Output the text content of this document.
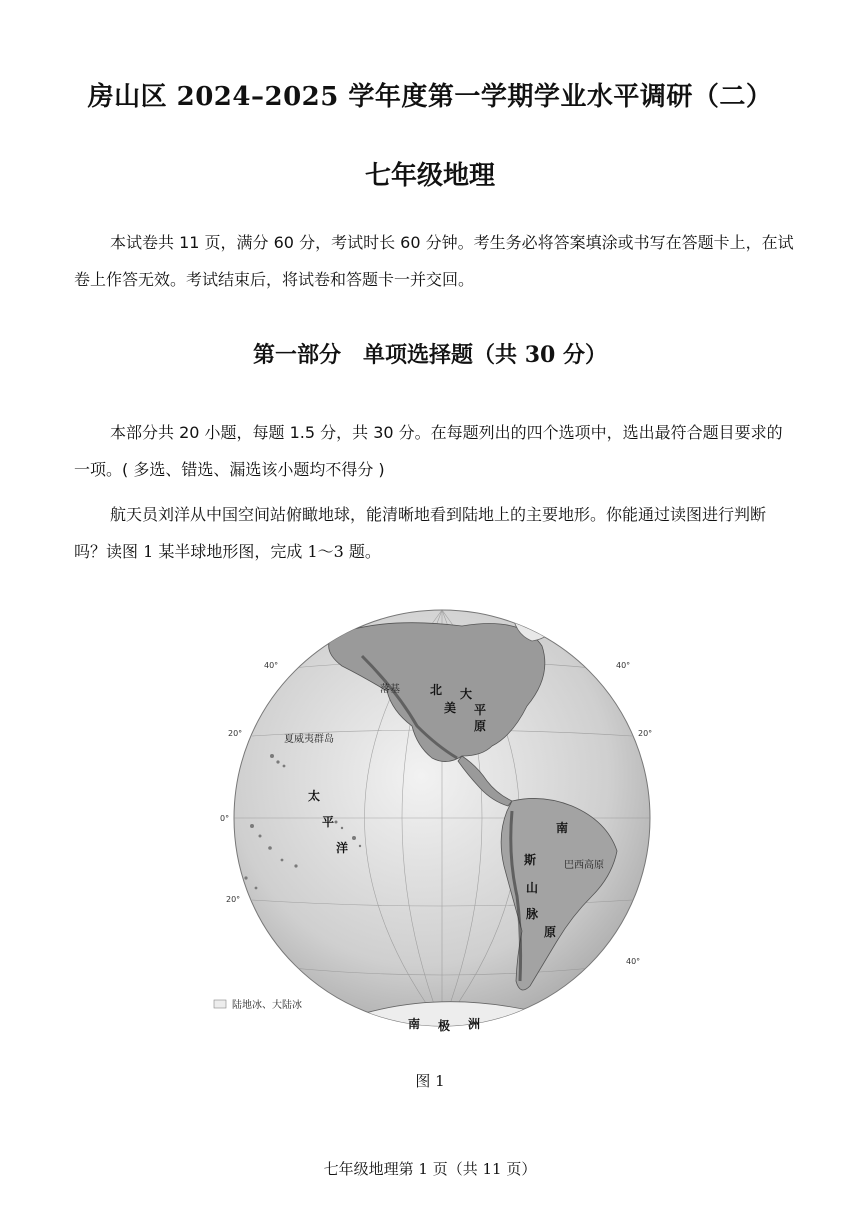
房山区 2024–2025 学年度第一学期学业水平调研（二）
七年级地理
本试卷共 11 页，满分 60 分，考试时长 60 分钟。考生务必将答案填涂或书写在答题卡上，在试卷上作答无效。考试结束后，将试卷和答题卡一并交回。
第一部分　单项选择题（共 30 分）
本部分共 20 小题，每题 1.5 分，共 30 分。在每题列出的四个选项中，选出最符合题目要求的一项。( 多选、错选、漏选该小题均不得分 )
航天员刘洋从中国空间站俯瞰地球，能清晰地看到陆地上的主要地形。你能通过读图进行判断吗？读图 1 某半球地形图，完成 1～3 题。
北
美
大
平
原
落基
南
巴西高原
斯
山
脉
原
太
平
洋
夏威夷群岛
南 极 洲
40°
40°
20°	20°
0°
20°
40°
陆地冰、大陆冰
图 1
七年级地理第 1 页（共 11 页）
